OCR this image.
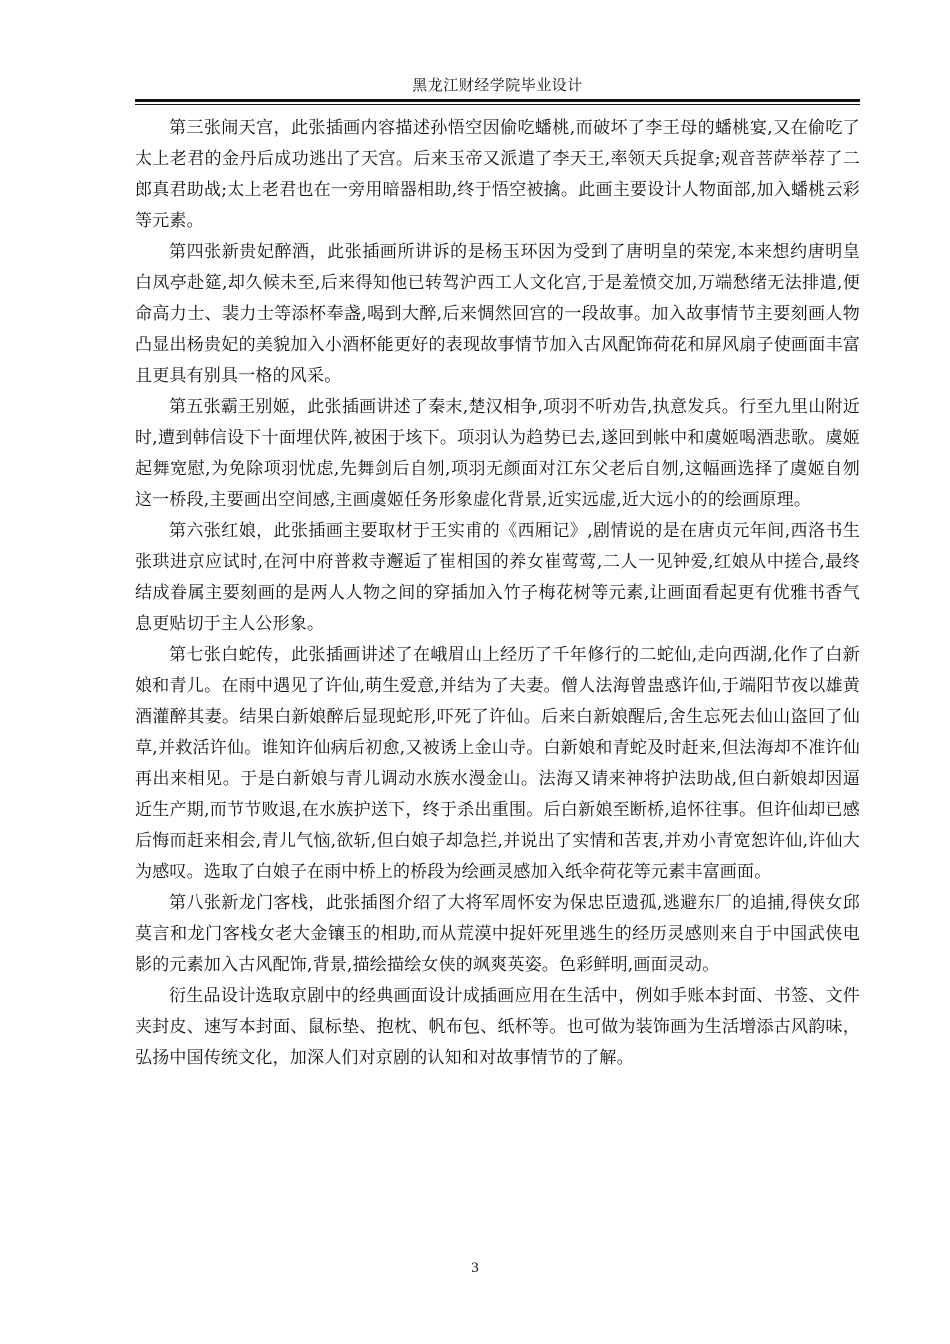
黑龙江财经学院毕业设计

第三张闹天宫，此张插画内容描述孙悟空因偷吃蟠桃,而破坏了李王母的蟠桃宴,又在偷吃了太上老君的金丹后成功逃出了天宫。后来玉帝又派遣了李天王,率领天兵捉拿;观音菩萨举荐了二郎真君助战;太上老君也在一旁用暗器相助,终于悟空被擒。此画主要设计人物面部,加入蟠桃云彩等元素。

第四张新贵妃醉酒，此张插画所讲诉的是杨玉环因为受到了唐明皇的荣宠,本来想约唐明皇白凤亭赴筵,却久候未至,后来得知他已转驾沪西工人文化宫,于是羞愤交加,万端愁绪无法排遣,便命高力士、裴力士等添杯奉盏,喝到大醉,后来惆然回宫的一段故事。加入故事情节主要刻画人物凸显出杨贵妃的美貌加入小酒杯能更好的表现故事情节加入古风配饰荷花和屏风扇子使画面丰富且更具有别具一格的风采。

第五张霸王别姬，此张插画讲述了秦末,楚汉相争,项羽不听劝告,执意发兵。行至九里山附近时,遭到韩信设下十面埋伏阵,被困于垓下。项羽认为趋势已去,遂回到帐中和虞姬喝酒悲歌。虞姬起舞宽慰,为免除项羽忧虑,先舞剑后自刎,项羽无颜面对江东父老后自刎,这幅画选择了虞姬自刎这一桥段,主要画出空间感,主画虞姬任务形象虚化背景,近实远虚,近大远小的的绘画原理。

第六张红娘，此张插画主要取材于王实甫的《西厢记》,剧情说的是在唐贞元年间,西洛书生张珙进京应试时,在河中府普救寺邂逅了崔相国的养女崔莺莺,二人一见钟爱,红娘从中搓合,最终结成眷属主要刻画的是两人人物之间的穿插加入竹子梅花树等元素,让画面看起更有优雅书香气息更贴切于主人公形象。

第七张白蛇传，此张插画讲述了在峨眉山上经历了千年修行的二蛇仙,走向西湖,化作了白新娘和青儿。在雨中遇见了许仙,萌生爱意,并结为了夫妻。僧人法海曾蛊惑许仙,于端阳节夜以雄黄酒灌醉其妻。结果白新娘醉后显现蛇形,吓死了许仙。后来白新娘醒后,舍生忘死去仙山盗回了仙草,并救活许仙。谁知许仙病后初愈,又被诱上金山寺。白新娘和青蛇及时赶来,但法海却不准许仙再出来相见。于是白新娘与青儿调动水族水漫金山。法海又请来神将护法助战,但白新娘却因逼近生产期,而节节败退,在水族护送下，终于杀出重围。后白新娘至断桥,追怀往事。但许仙却已感后悔而赶来相会,青儿气恼,欲斩,但白娘子却急拦,并说出了实情和苦衷,并劝小青宽恕许仙,许仙大为感叹。选取了白娘子在雨中桥上的桥段为绘画灵感加入纸伞荷花等元素丰富画面。

第八张新龙门客栈，此张插图介绍了大将军周怀安为保忠臣遗孤,逃避东厂的追捕,得侠女邱莫言和龙门客栈女老大金镶玉的相助,而从荒漠中捉奸死里逃生的经历灵感则来自于中国武侠电影的元素加入古风配饰,背景,描绘描绘女侠的飒爽英姿。色彩鲜明,画面灵动。

衍生品设计选取京剧中的经典画面设计成插画应用在生活中，例如手账本封面、书签、文件夹封皮、速写本封面、鼠标垫、抱枕、帆布包、纸杯等。也可做为装饰画为生活增添古风韵味，弘扬中国传统文化，加深人们对京剧的认知和对故事情节的了解。

3
